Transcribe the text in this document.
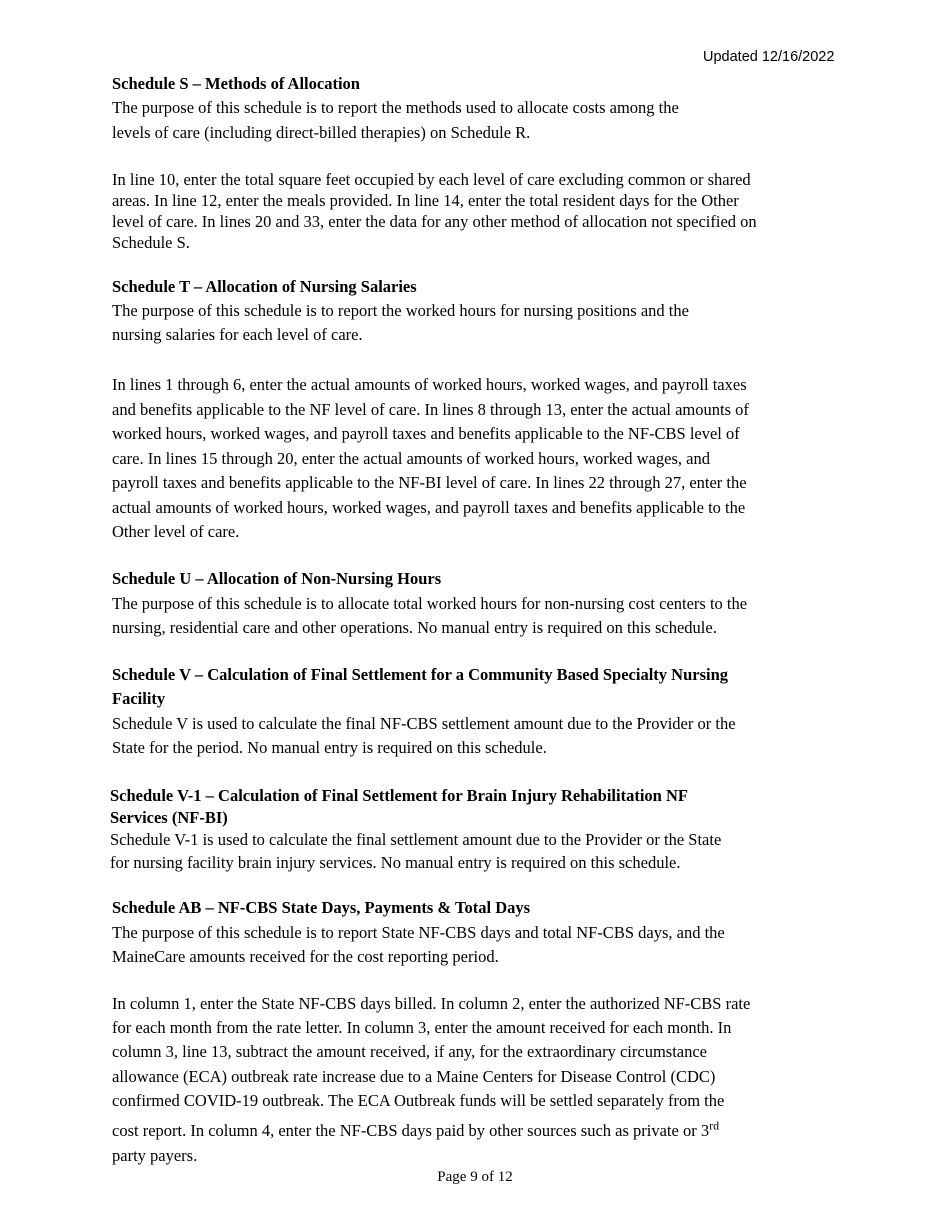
Updated 12/16/2022
Schedule S – Methods of Allocation
The purpose of this schedule is to report the methods used to allocate costs among the
levels of care (including direct-billed therapies) on Schedule R.
In line 10, enter the total square feet occupied by each level of care excluding common or shared
areas. In line 12, enter the meals provided. In line 14, enter the total resident days for the Other
level of care. In lines 20 and 33, enter the data for any other method of allocation not specified on
Schedule S.
Schedule T – Allocation of Nursing Salaries
The purpose of this schedule is to report the worked hours for nursing positions and the
nursing salaries for each level of care.
In lines 1 through 6, enter the actual amounts of worked hours, worked wages, and payroll taxes
and benefits applicable to the NF level of care. In lines 8 through 13, enter the actual amounts of
worked hours, worked wages, and payroll taxes and benefits applicable to the NF-CBS level of
care. In lines 15 through 20, enter the actual amounts of worked hours, worked wages, and
payroll taxes and benefits applicable to the NF-BI level of care. In lines 22 through 27, enter the
actual amounts of worked hours, worked wages, and payroll taxes and benefits applicable to the
Other level of care.
Schedule U – Allocation of Non-Nursing Hours
The purpose of this schedule is to allocate total worked hours for non-nursing cost centers to the
nursing, residential care and other operations. No manual entry is required on this schedule.
Schedule V – Calculation of Final Settlement for a Community Based Specialty Nursing
Facility
Schedule V is used to calculate the final NF-CBS settlement amount due to the Provider or the
State for the period. No manual entry is required on this schedule.
Schedule V-1 – Calculation of Final Settlement for Brain Injury Rehabilitation NF
Services (NF-BI)
Schedule V-1 is used to calculate the final settlement amount due to the Provider or the State
for nursing facility brain injury services. No manual entry is required on this schedule.
Schedule AB – NF-CBS State Days, Payments & Total Days
The purpose of this schedule is to report State NF-CBS days and total NF-CBS days, and the
MaineCare amounts received for the cost reporting period.
In column 1, enter the State NF-CBS days billed. In column 2, enter the authorized NF-CBS rate
for each month from the rate letter. In column 3, enter the amount received for each month. In
column 3, line 13, subtract the amount received, if any, for the extraordinary circumstance
allowance (ECA) outbreak rate increase due to a Maine Centers for Disease Control (CDC)
confirmed COVID-19 outbreak. The ECA Outbreak funds will be settled separately from the
cost report. In column 4, enter the NF-CBS days paid by other sources such as private or 3rd
party payers.
Page 9 of 12
